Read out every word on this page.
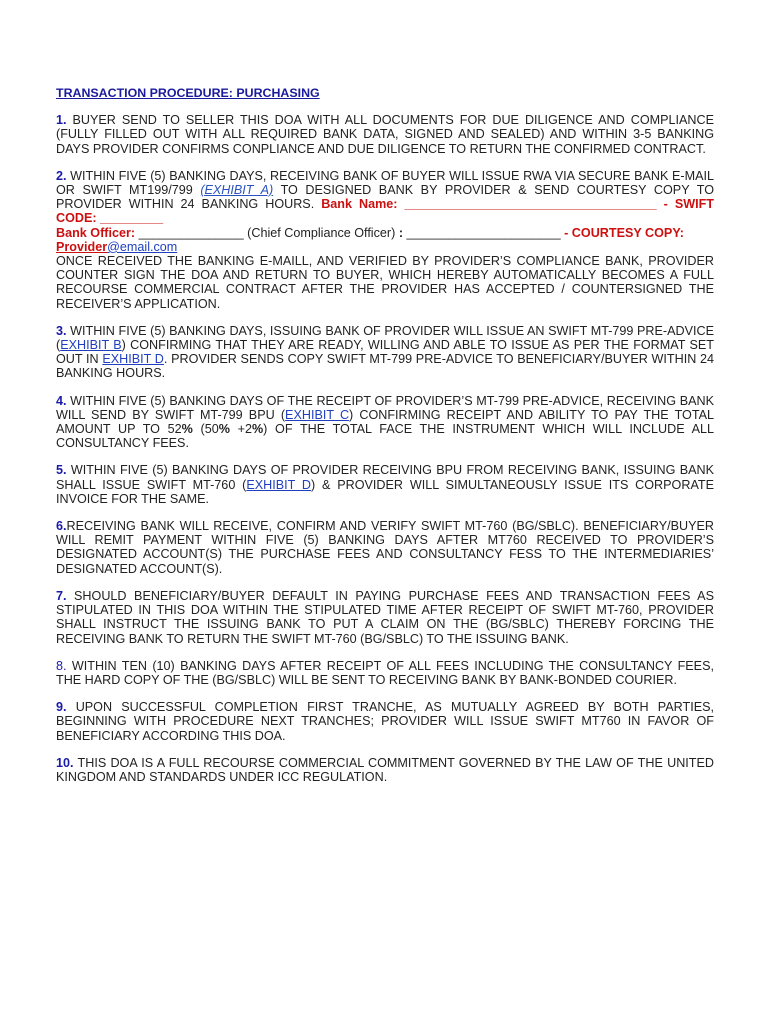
TRANSACTION PROCEDURE: PURCHASING

1. BUYER SEND TO SELLER THIS DOA WITH ALL DOCUMENTS FOR DUE DILIGENCE AND COMPLIANCE (FULLY FILLED OUT WITH ALL REQUIRED BANK DATA, SIGNED AND SEALED) AND WITHIN 3-5 BANKING DAYS PROVIDER CONFIRMS CONPLIANCE AND DUE DILIGENCE TO RETURN THE CONFIRMED CONTRACT.

2. WITHIN FIVE (5) BANKING DAYS, RECEIVING BANK OF BUYER WILL ISSUE RWA VIA SECURE BANK E-MAIL OR SWIFT MT199/799 (EXHIBIT A) TO DESIGNED BANK BY PROVIDER & SEND COURTESY COPY TO PROVIDER WITHIN 24 BANKING HOURS. Bank Name: ____________________________________ - SWIFT CODE: _________
Bank Officer: _______________ (Chief Compliance Officer) : ______________________ - COURTESY COPY:
Provider@email.com

ONCE RECEIVED THE BANKING E-MAILL, AND VERIFIED BY PROVIDER’S COMPLIANCE BANK, PROVIDER COUNTER SIGN THE DOA AND RETURN TO BUYER, WHICH HEREBY AUTOMATICALLY BECOMES A FULL RECOURSE COMMERCIAL CONTRACT AFTER THE PROVIDER HAS ACCEPTED / COUNTERSIGNED THE RECEIVER’S APPLICATION.

3. WITHIN FIVE (5) BANKING DAYS, ISSUING BANK OF PROVIDER WILL ISSUE AN SWIFT MT-799 PRE-ADVICE (EXHIBIT B) CONFIRMING THAT THEY ARE READY, WILLING AND ABLE TO ISSUE AS PER THE FORMAT SET OUT IN EXHIBIT D. PROVIDER SENDS COPY SWIFT MT-799 PRE-ADVICE TO BENEFICIARY/BUYER WITHIN 24 BANKING HOURS.

4. WITHIN FIVE (5) BANKING DAYS OF THE RECEIPT OF PROVIDER’S MT-799 PRE-ADVICE, RECEIVING BANK WILL SEND BY SWIFT MT-799 BPU (EXHIBIT C) CONFIRMING RECEIPT AND ABILITY TO PAY THE TOTAL AMOUNT UP TO 52% (50% +2%) OF THE TOTAL FACE THE INSTRUMENT WHICH WILL INCLUDE ALL CONSULTANCY FEES.

5. WITHIN FIVE (5) BANKING DAYS OF PROVIDER RECEIVING BPU FROM RECEIVING BANK, ISSUING BANK SHALL ISSUE SWIFT MT-760 (EXHIBIT D) & PROVIDER WILL SIMULTANEOUSLY ISSUE ITS CORPORATE INVOICE FOR THE SAME.

6.RECEIVING BANK WILL RECEIVE, CONFIRM AND VERIFY SWIFT MT-760 (BG/SBLC). BENEFICIARY/BUYER WILL REMIT PAYMENT WITHIN FIVE (5) BANKING DAYS AFTER MT760 RECEIVED TO PROVIDER’S DESIGNATED ACCOUNT(S) THE PURCHASE FEES AND CONSULTANCY FESS TO THE INTERMEDIARIES’ DESIGNATED ACCOUNT(S).

7. SHOULD BENEFICIARY/BUYER DEFAULT IN PAYING PURCHASE FEES AND TRANSACTION FEES AS STIPULATED IN THIS DOA WITHIN THE STIPULATED TIME AFTER RECEIPT OF SWIFT MT-760, PROVIDER SHALL INSTRUCT THE ISSUING BANK TO PUT A CLAIM ON THE (BG/SBLC) THEREBY FORCING THE RECEIVING BANK TO RETURN THE SWIFT MT-760 (BG/SBLC) TO THE ISSUING BANK.

8. WITHIN TEN (10) BANKING DAYS AFTER RECEIPT OF ALL FEES INCLUDING THE CONSULTANCY FEES, THE HARD COPY OF THE (BG/SBLC) WILL BE SENT TO RECEIVING BANK BY BANK-BONDED COURIER.

9. UPON SUCCESSFUL COMPLETION FIRST TRANCHE, AS MUTUALLY AGREED BY BOTH PARTIES, BEGINNING WITH PROCEDURE NEXT TRANCHES; PROVIDER WILL ISSUE SWIFT MT760 IN FAVOR OF BENEFICIARY ACCORDING THIS DOA.

10. THIS DOA IS A FULL RECOURSE COMMERCIAL COMMITMENT GOVERNED BY THE LAW OF THE UNITED KINGDOM AND STANDARDS UNDER ICC REGULATION.
